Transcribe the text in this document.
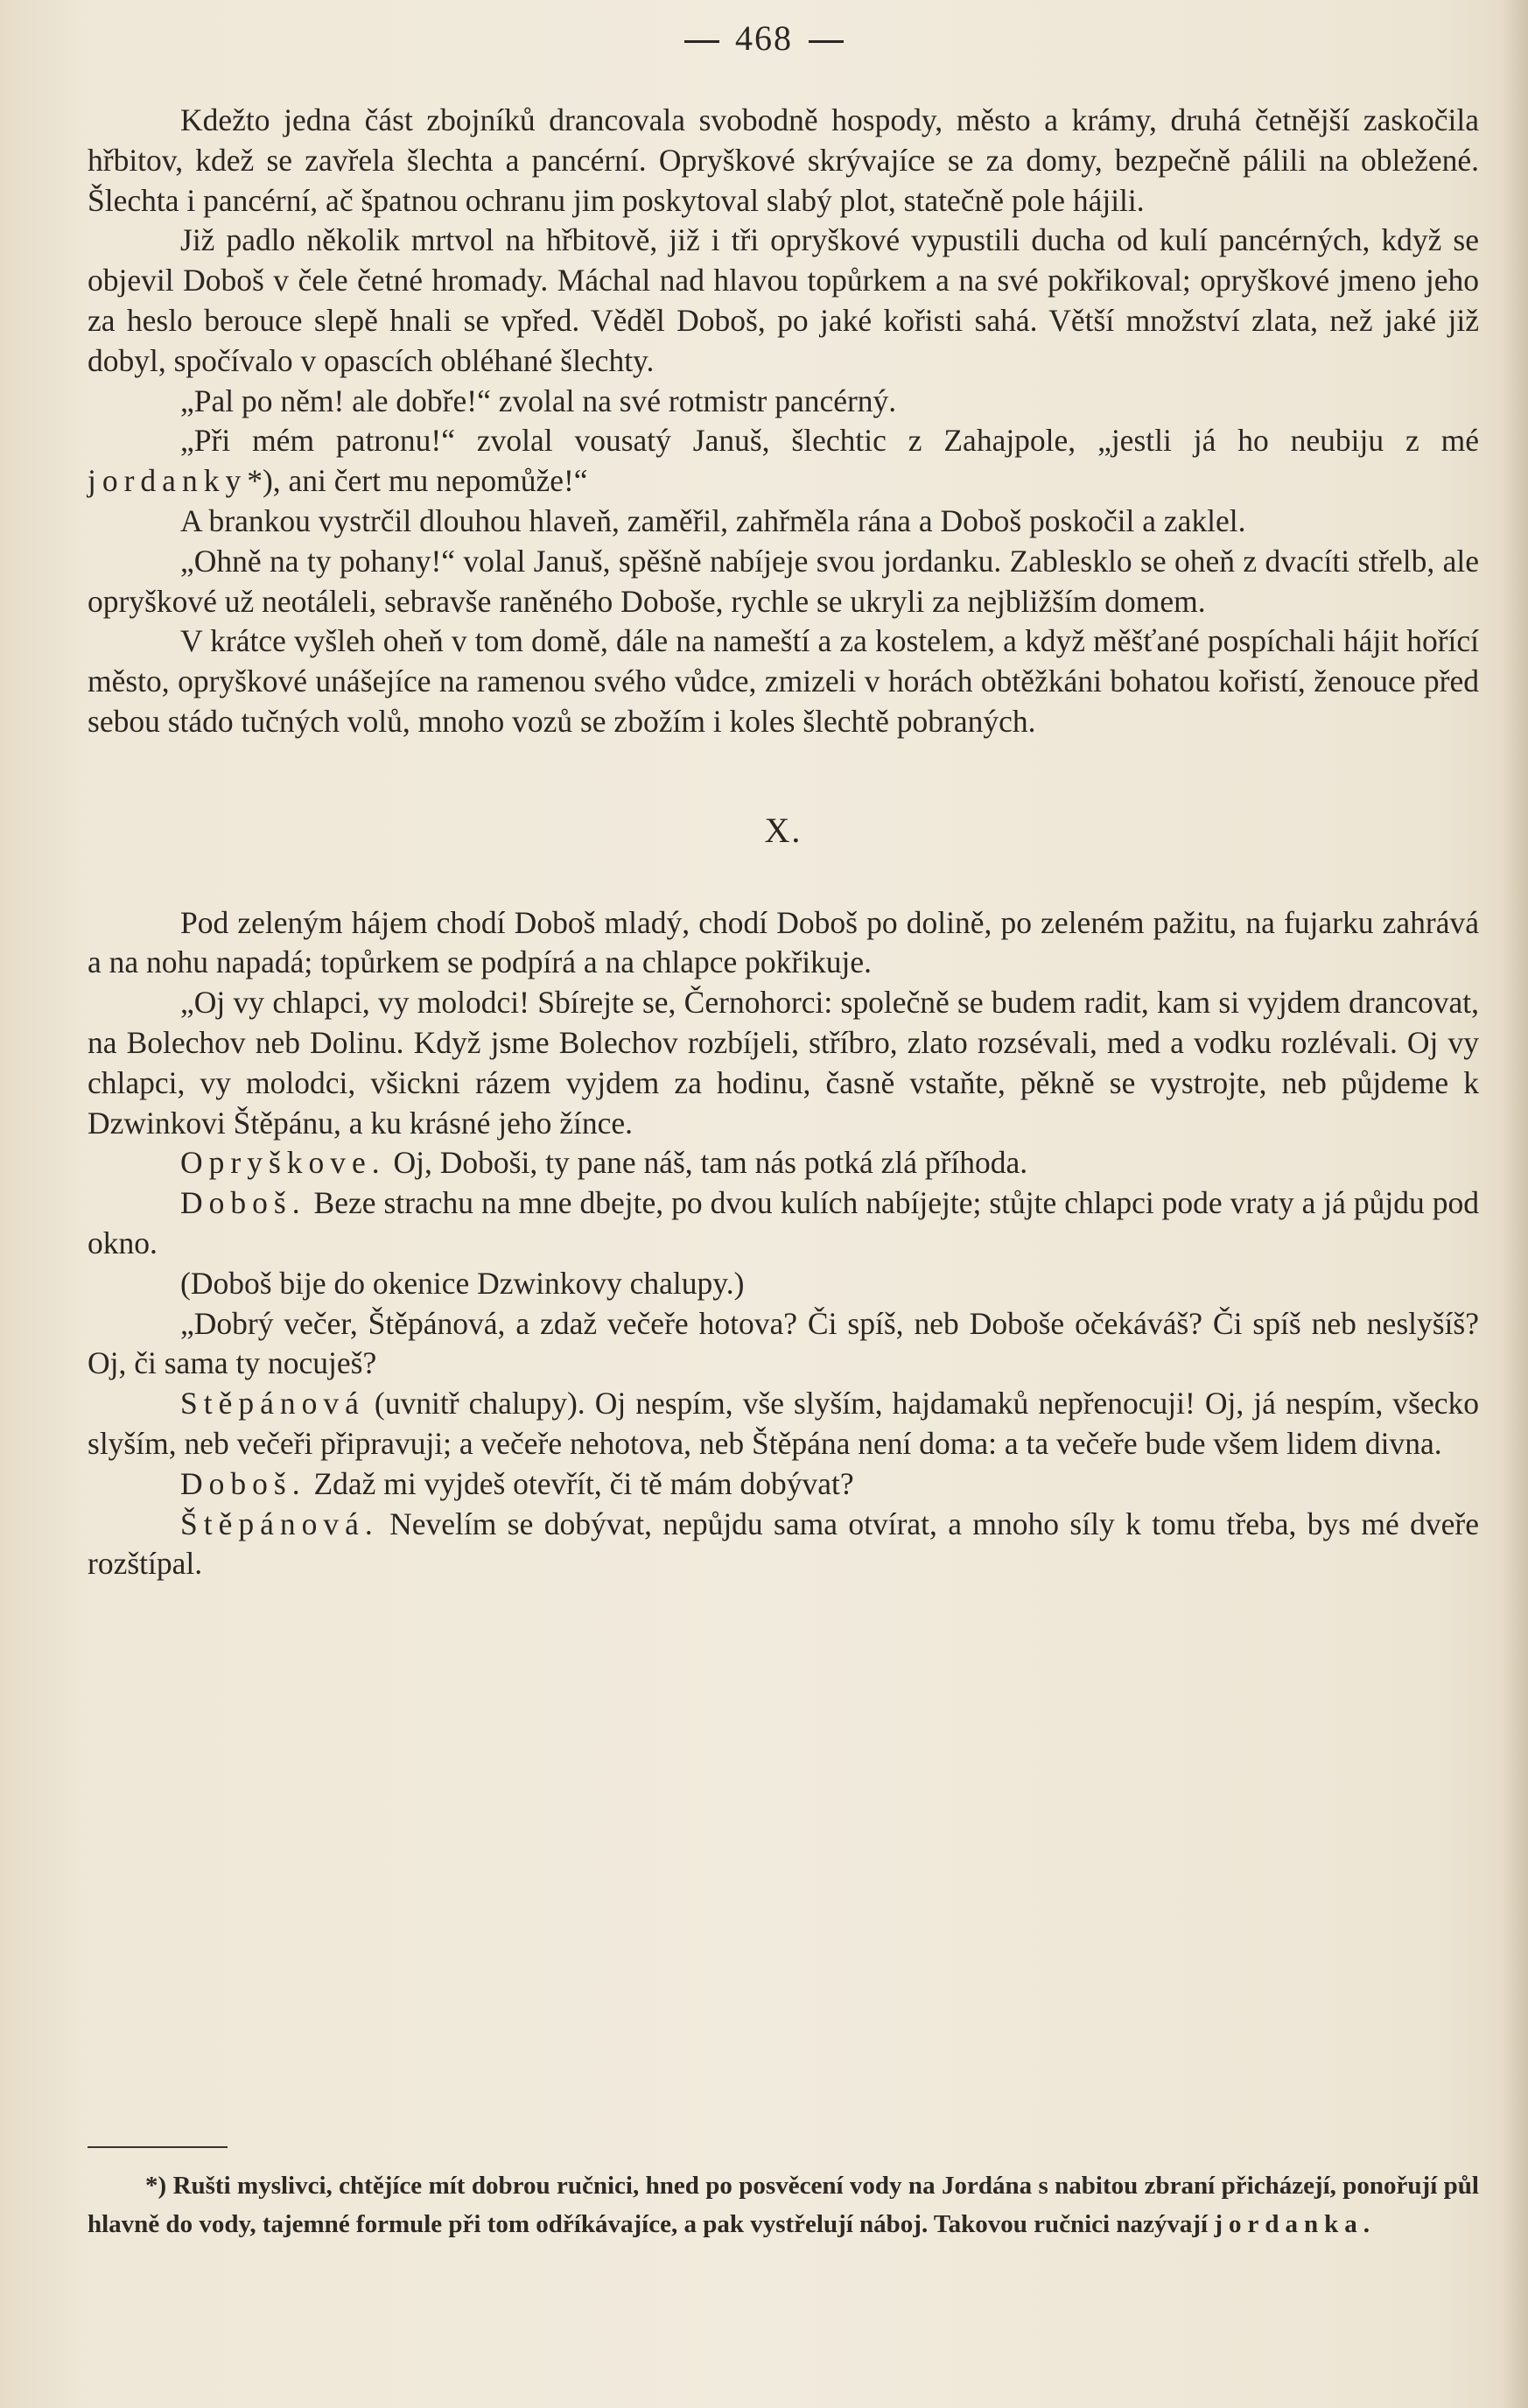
468

Kdežto jedna část zbojníků drancovala svobodně hospody, město a krámy, druhá četnější zaskočila hřbitov, kdež se zavřela šlechta a pancérní. Opryškové skrývajíce se za domy, bezpečně pálili na obležené. Šlechta i pancérní, ač špatnou ochranu jim poskytoval slabý plot, statečně pole hájili.

Již padlo několik mrtvol na hřbitově, již i tři opryškové vypustili ducha od kulí pancérných, když se objevil Doboš v čele četné hromady. Máchal nad hlavou topůrkem a na své pokřikoval; opryškové jmeno jeho za heslo berouce slepě hnali se vpřed. Věděl Doboš, po jaké kořisti sahá. Větší množství zlata, než jaké již dobyl, spočívalo v opascích obléhané šlechty.

„Pal po něm! ale dobře!“ zvolal na své rotmistr pancérný.

„Při mém patronu!“ zvolal vousatý Januš, šlechtic z Zahajpole, „jestli já ho neubiju z mé jordanky*), ani čert mu nepomůže!“

A brankou vystrčil dlouhou hlaveň, zaměřil, zahřměla rána a Doboš poskočil a zaklel.

„Ohně na ty pohany!“ volal Januš, spěšně nabíjeje svou jordanku. Zablesklo se oheň z dvacíti střelb, ale opryškové už neotáleli, sebravše raněného Doboše, rychle se ukryli za nejbližším domem.

V krátce vyšleh oheň v tom domě, dále na nameští a za kostelem, a když měšťané pospíchali hájit hořící město, opryškové unášejíce na ramenou svého vůdce, zmizeli v horách obtěžkáni bohatou kořistí, ženouce před sebou stádo tučných volů, mnoho vozů se zbožím i koles šlechtě pobraných.

X.

Pod zeleným hájem chodí Doboš mladý, chodí Doboš po dolině, po zeleném pažitu, na fujarku zahrává a na nohu napadá; topůrkem se podpírá a na chlapce pokřikuje.

„Oj vy chlapci, vy molodci! Sbírejte se, Černohorci: společně se budem radit, kam si vyjdem drancovat, na Bolechov neb Dolinu. Když jsme Bolechov rozbíjeli, stříbro, zlato rozsévali, med a vodku rozlévali. Oj vy chlapci, vy molodci, všickni rázem vyjdem za hodinu, časně vstaňte, pěkně se vystrojte, neb půjdeme k Dzwinkovi Štěpánu, a ku krásné jeho žínce.

Opryškove. Oj, Doboši, ty pane náš, tam nás potká zlá příhoda.

Doboš. Beze strachu na mne dbejte, po dvou kulích nabíjejte; stůjte chlapci pode vraty a já půjdu pod okno.

(Doboš bije do okenice Dzwinkovy chalupy.)

„Dobrý večer, Štěpánová, a zdaž večeře hotova? Či spíš, neb Doboše očekáváš? Či spíš neb neslyšíš? Oj, či sama ty nocuješ?

Stěpánová (uvnitř chalupy). Oj nespím, vše slyším, hajdamaků nepřenocuji! Oj, já nespím, všecko slyším, neb večeři připravuji; a večeře nehotova, neb Štěpána není doma: a ta večeře bude všem lidem divna.

Doboš. Zdaž mi vyjdeš otevřít, či tě mám dobývat?

Štěpánová. Nevelím se dobývat, nepůjdu sama otvírat, a mnoho síly k tomu třeba, bys mé dveře rozštípal.

*) Rušti myslivci, chtějíce mít dobrou ručnici, hned po posvěcení vody na Jordána s nabitou zbraní přicházejí, ponořují půl hlavně do vody, tajemné formule při tom odříkávajíce, a pak vystřelují náboj. Takovou ručnici nazývají jordanka.
